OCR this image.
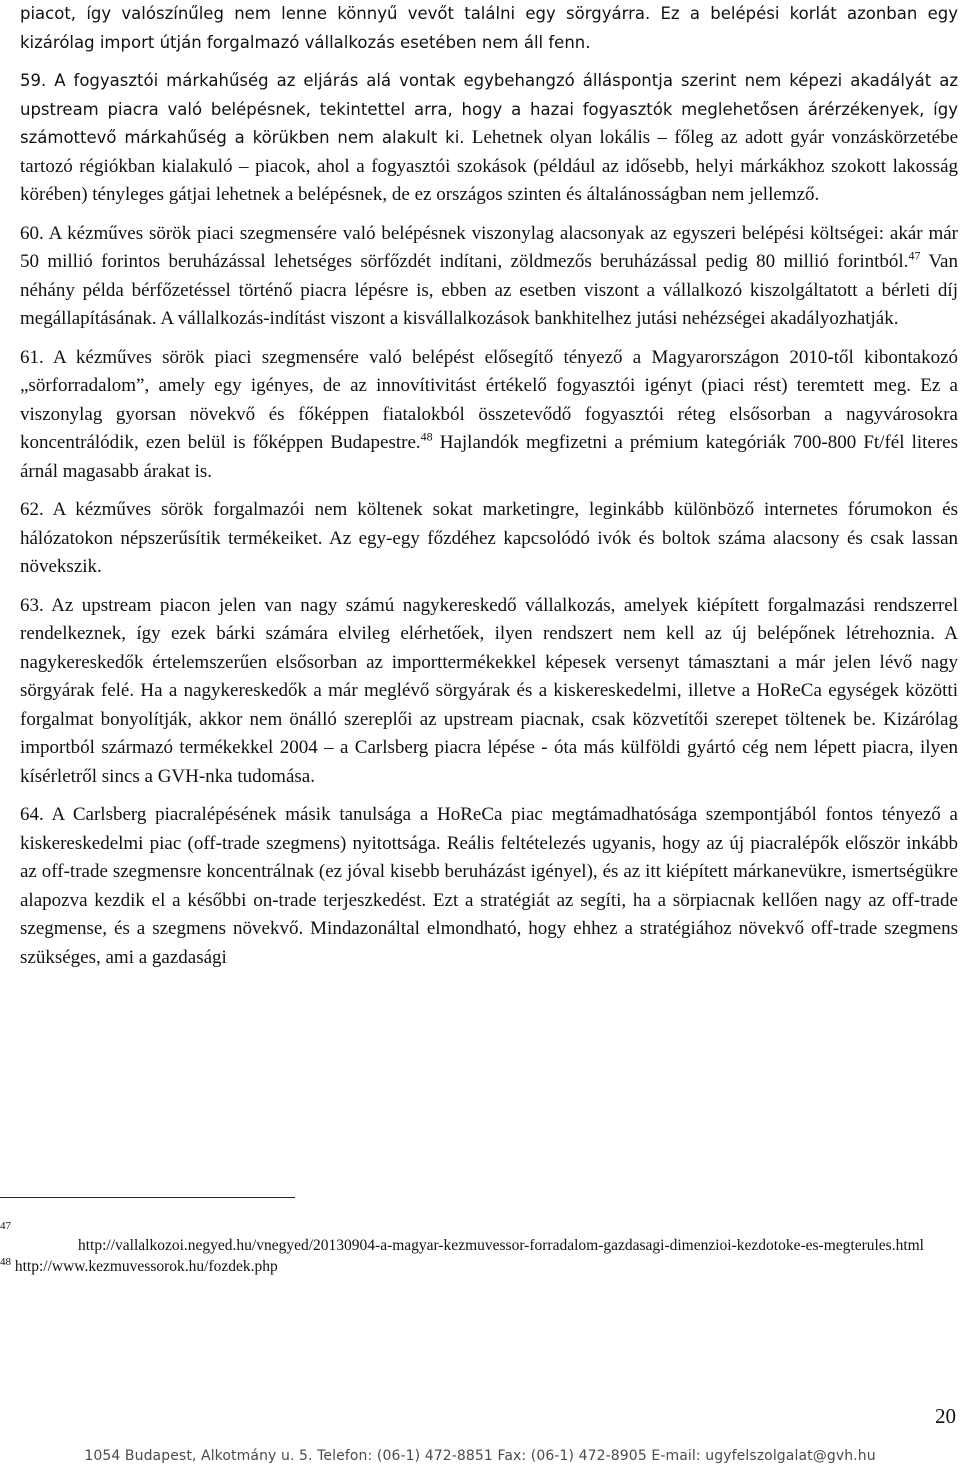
piacot, így valószínűleg nem lenne könnyű vevőt találni egy sörgyárra. Ez a belépési korlát azonban egy kizárólag import útján forgalmazó vállalkozás esetében nem áll fenn.

59. A fogyasztói márkahűség az eljárás alá vontak egybehangzó álláspontja szerint nem képezi akadályát az upstream piacra való belépésnek, tekintettel arra, hogy a hazai fogyasztók meglehetősen árérzékenyek, így számottevő márkahűség a körükben nem alakult ki. Lehetnek olyan lokális – főleg az adott gyár vonzáskörzetébe tartozó régiókban kialakuló – piacok, ahol a fogyasztói szokások (például az idősebb, helyi márkákhoz szokott lakosság körében) tényleges gátjai lehetnek a belépésnek, de ez országos szinten és általánosságban nem jellemző.

60. A kézműves sörök piaci szegmensére való belépésnek viszonylag alacsonyak az egyszeri belépési költségei: akár már 50 millió forintos beruházással lehetséges sörfőzdét indítani, zöldmezős beruházással pedig 80 millió forintból.$^{47}$ Van néhány példa bérfőzetéssel történő piacra lépésre is, ebben az esetben viszont a vállalkozó kiszolgáltatott a bérleti díj megállapításának. A vállalkozás-indítást viszont a kisvállalkozások bankhitelhez jutási nehézségei akadályozhatják.

61. A kézműves sörök piaci szegmensére való belépést elősegítő tényező a Magyarországon 2010-től kibontakozó „sörforradalom”, amely egy igényes, de az innovítivitást értékelő fogyasztói igényt (piaci rést) teremtett meg. Ez a viszonylag gyorsan növekvő és főképpen fiatalokból összetevődő fogyasztói réteg elsősorban a nagyvárosokra koncentrálódik, ezen belül is főképpen Budapestre.$^{48}$ Hajlandók megfizetni a prémium kategóriák 700-800 Ft/fél literes árnál magasabb árakat is.

62. A kézműves sörök forgalmazói nem költenek sokat marketingre, leginkább különböző internetes fórumokon és hálózatokon népszerűsítik termékeiket. Az egy-egy főzdéhez kapcsolódó ivók és boltok száma alacsony és csak lassan növekszik.

63. Az upstream piacon jelen van nagy számú nagykereskedő vállalkozás, amelyek kiépített forgalmazási rendszerrel rendelkeznek, így ezek bárki számára elvileg elérhetőek, ilyen rendszert nem kell az új belépőnek létrehoznia. A nagykereskedők értelemszerűen elsősorban az importtermékekkel képesek versenyt támasztani a már jelen lévő nagy sörgyárak felé. Ha a nagykereskedők a már meglévő sörgyárak és a kiskereskedelmi, illetve a HoReCa egységek közötti forgalmat bonyolítják, akkor nem önálló szereplői az upstream piacnak, csak közvetítői szerepet töltenek be. Kizárólag importból származó termékekkel 2004 – a Carlsberg piacra lépése - óta más külföldi gyártó cég nem lépett piacra, ilyen kísérletről sincs a GVH-nka tudomása.

64. A Carlsberg piacralépésének másik tanulsága a HoReCa piac megtámadhatósága szempontjából fontos tényező a kiskereskedelmi piac (off-trade szegmens) nyitottsága. Reális feltételezés ugyanis, hogy az új piacralépők először inkább az off-trade szegmensre koncentrálnak (ez jóval kisebb beruházást igényel), és az itt kiépített márkanevükre, ismertségükre alapozva kezdik el a későbbi on-trade terjeszkedést. Ezt a stratégiát az segíti, ha a sörpiacnak kellően nagy az off-trade szegmense, és a szegmens növekvő. Mindazonáltal elmondható, hogy ehhez a stratégiához növekvő off-trade szegmens szükséges, ami a gazdasági

$^{47}$

http://vallalkozoi.negyed.hu/vnegyed/20130904-a-magyar-kezmuvessor-forradalom-gazdasagi-dimenzioi-kezdotoke-es-megterules.html

$^{48}$ http://www.kezmuvessorok.hu/fozdek.php

20
1054 Budapest, Alkotmány u. 5. Telefon: (06-1) 472-8851 Fax: (06-1) 472-8905 E-mail: ugyfelszolgalat@gvh.hu
